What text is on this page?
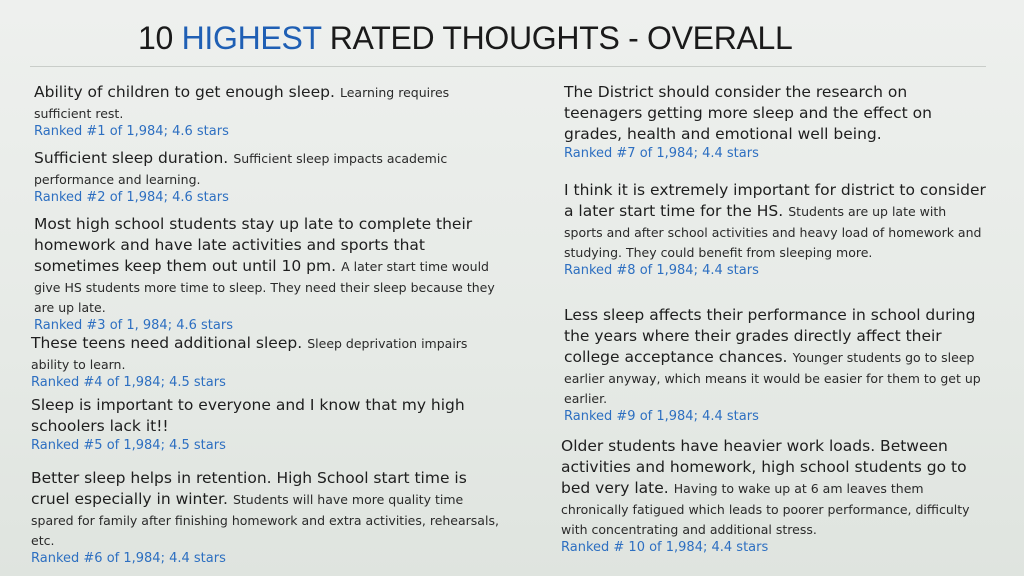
10 HIGHEST RATED THOUGHTS - OVERALL
Ability of children to get enough sleep. Learning requires sufficient rest.
Ranked #1 of 1,984; 4.6 stars
Sufficient sleep duration. Sufficient sleep impacts academic performance and learning.
Ranked #2 of 1,984; 4.6 stars
Most high school students stay up late to complete their homework and have late activities and sports that sometimes keep them out until 10 pm. A later start time would give HS students more time to sleep. They need their sleep because they are up late.
Ranked #3 of 1, 984; 4.6 stars
These teens need additional sleep. Sleep deprivation impairs ability to learn.
Ranked #4 of 1,984; 4.5 stars
Sleep is important to everyone and I know that my high schoolers lack it!!
Ranked #5 of 1,984; 4.5 stars
Better sleep helps in retention. High School start time is cruel especially in winter. Students will have more quality time spared for family after finishing homework and extra activities, rehearsals, etc.
Ranked #6 of 1,984; 4.4 stars
The District should consider the research on teenagers getting more sleep and the effect on grades, health and emotional well being.
Ranked #7 of 1,984; 4.4 stars
I think it is extremely important for district to consider a later start time for the HS. Students are up late with sports and after school activities and heavy load of homework and studying. They could benefit from sleeping more.
Ranked #8 of 1,984; 4.4 stars
Less sleep affects their performance in school during the years where their grades directly affect their college acceptance chances. Younger students go to sleep earlier anyway, which means it would be easier for them to get up earlier.
Ranked #9 of 1,984; 4.4 stars
Older students have heavier work loads. Between activities and homework, high school students go to bed very late. Having to wake up at 6 am leaves them chronically fatigued which leads to poorer performance, difficulty with concentrating and additional stress.
Ranked # 10 of 1,984; 4.4 stars
